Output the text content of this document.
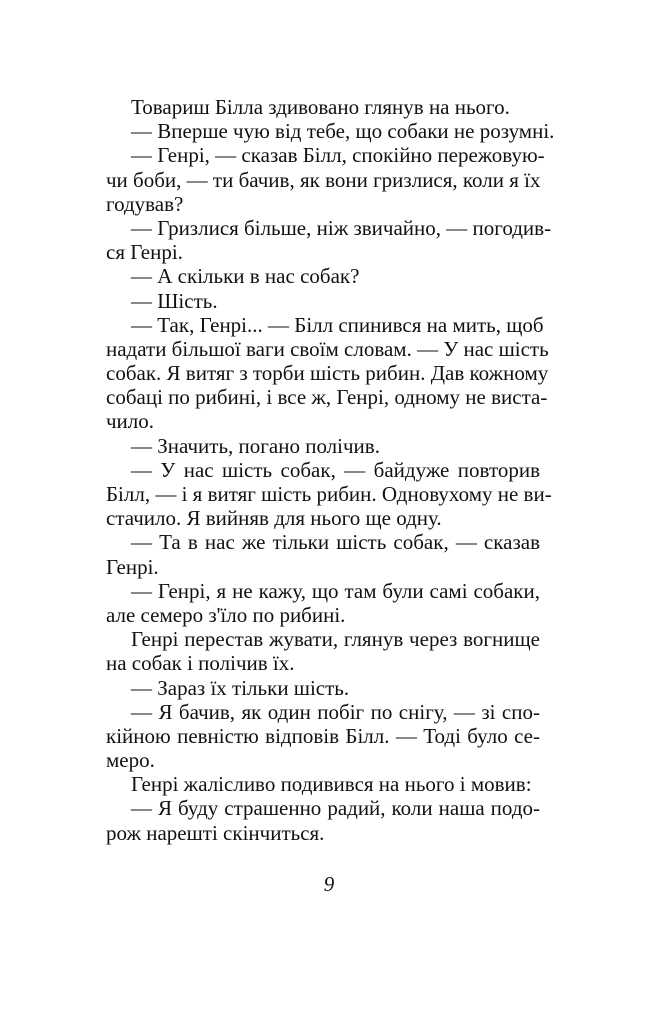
Товариш Білла здивовано глянув на нього.
— Вперше чую від тебе, що собаки не розумні.
— Генрі, — сказав Білл, спокійно пережовую-
чи боби, — ти бачив, як вони гризлися, коли я їх
годував?
— Гризлися більше, ніж звичайно, — погодив-
ся Генрі.
— А скільки в нас собак?
— Шість.
— Так, Генрі... — Білл спинився на мить, щоб
надати більшої ваги своїм словам. — У нас шість
собак. Я витяг з торби шість рибин. Дав кожному
собаці по рибині, і все ж, Генрі, одному не виста-
чило.
— Значить, погано полічив.
— У нас шість собак, — байдуже повторив
Білл, — і я витяг шість рибин. Одновухому не ви-
стачило. Я вийняв для нього ще одну.
— Та в нас же тільки шість собак, — сказав
Генрі.
— Генрі, я не кажу, що там були самі собаки,
але семеро з'їло по рибині.
Генрі перестав жувати, глянув через вогнище
на собак і полічив їх.
— Зараз їх тільки шість.
— Я бачив, як один побіг по снігу, — зі спо-
кійною певністю відповів Білл. — Тоді було се-
меро.
Генрі жалісливо подивився на нього і мовив:
— Я буду страшенно радий, коли наша подо-
рож нарешті скінчиться.
9
